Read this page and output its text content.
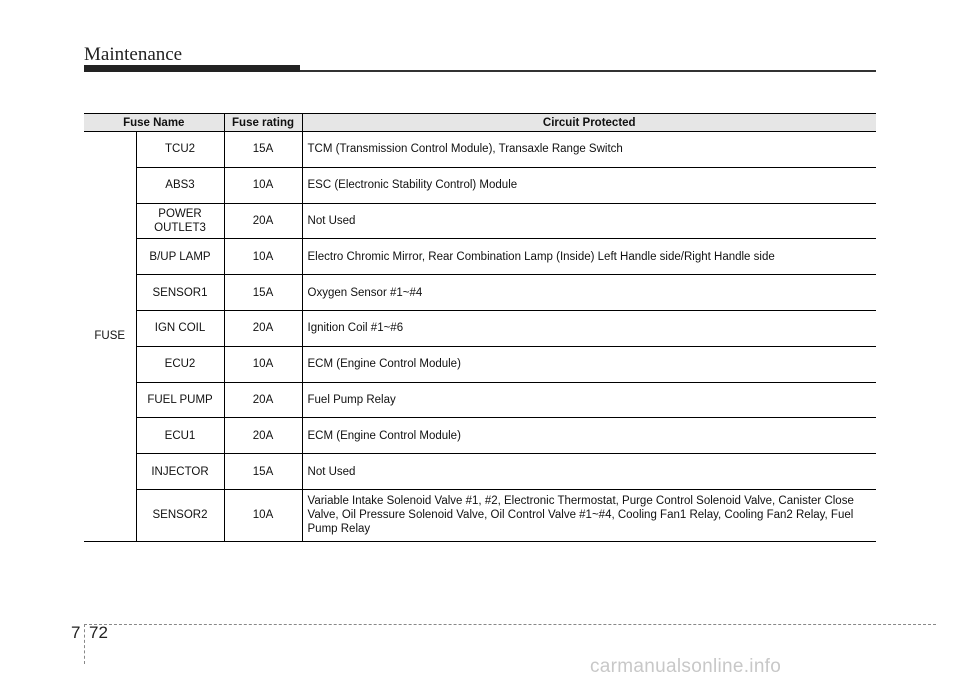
Maintenance
Fuse Name		Fuse rating	Circuit Protected
FUSE	TCU2	15A	TCM (Transmission Control Module), Transaxle Range Switch
	ABS3	10A	ESC (Electronic Stability Control) Module
	POWER OUTLET3	20A	Not Used
	B/UP LAMP	10A	Electro Chromic Mirror, Rear Combination Lamp (Inside) Left Handle side/Right Handle side
	SENSOR1	15A	Oxygen Sensor #1~#4
	IGN COIL	20A	Ignition Coil #1~#6
	ECU2	10A	ECM (Engine Control Module)
	FUEL PUMP	20A	Fuel Pump Relay
	ECU1	20A	ECM (Engine Control Module)
	INJECTOR	15A	Not Used
	SENSOR2	10A	Variable Intake Solenoid Valve #1, #2, Electronic Thermostat, Purge Control Solenoid Valve, Canister Close Valve, Oil Pressure Solenoid Valve, Oil Control Valve #1~#4, Cooling Fan1 Relay, Cooling Fan2 Relay, Fuel Pump Relay
7 72
carmanualsonline.info
